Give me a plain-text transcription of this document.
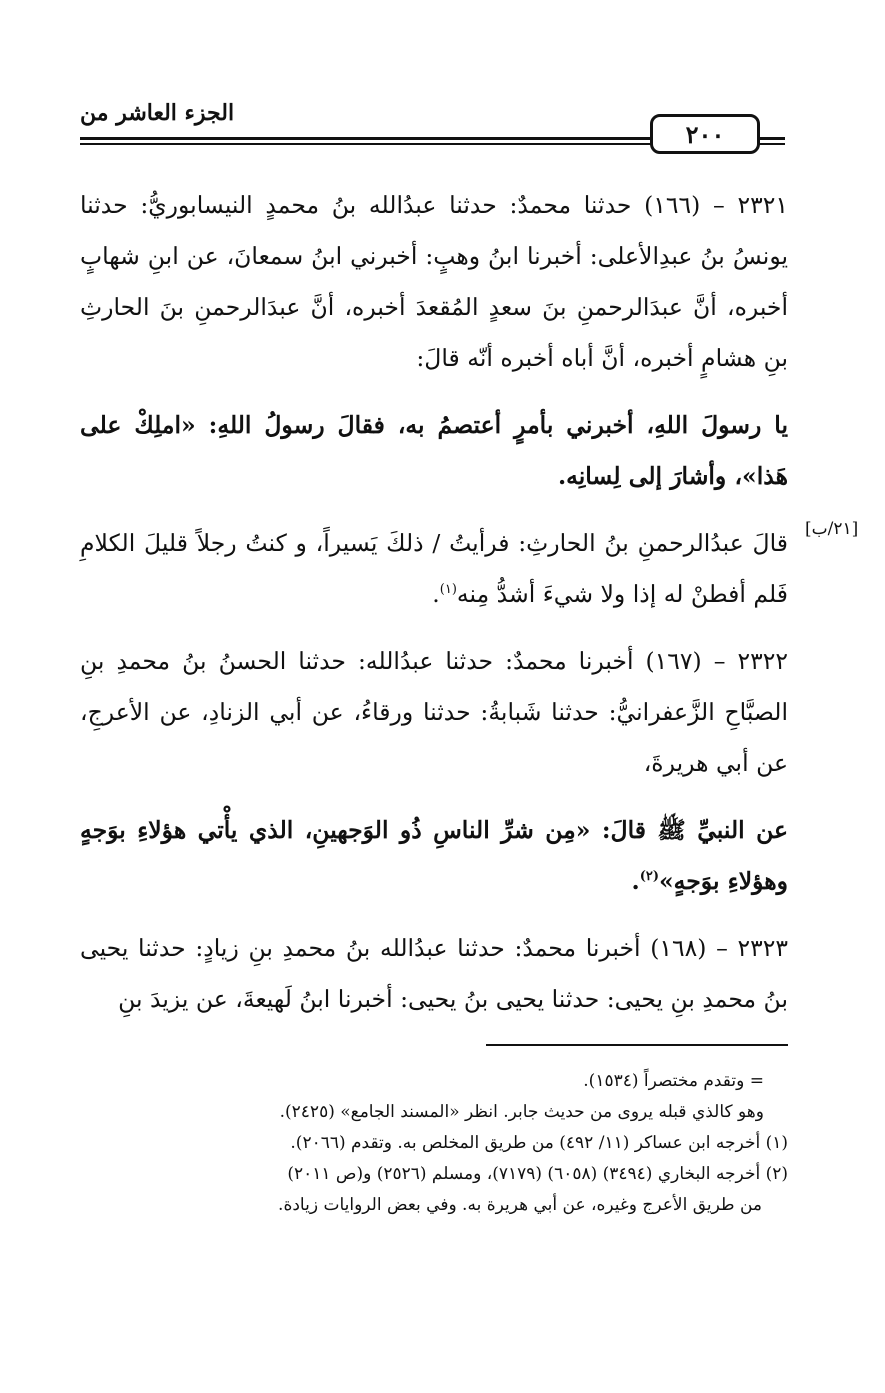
الجزء العاشر من
٢٠٠
[٢١/ب]

٢٣٢١ – (١٦٦) حدثنا محمدٌ: حدثنا عبدُالله بنُ محمدٍ النيسابوريُّ: حدثنا يونسُ بنُ عبدِالأعلى: أخبرنا ابنُ وهبٍ: أخبرني ابنُ سمعانَ، عن ابنِ شهابٍ أخبره، أنَّ عبدَالرحمنِ بنَ سعدٍ المُقعدَ أخبره، أنَّ عبدَالرحمنِ بنَ الحارثِ بنِ هشامٍ أخبره، أنَّ أباه أخبره أنّه قالَ:

يا رسولَ اللهِ، أخبرني بأمرٍ أعتصمُ به، فقالَ رسولُ اللهِ: «املِكْ على هَذا»، وأشارَ إلى لِسانِه.

قالَ عبدُالرحمنِ بنُ الحارثِ: فرأيتُ / ذلكَ يَسيراً، و كنتُ رجلاً قليلَ الكلامِ فَلم أفطنْ له إذا ولا شيءَ أشدُّ مِنه$^{(١)}$.

٢٣٢٢ – (١٦٧) أخبرنا محمدٌ: حدثنا عبدُالله: حدثنا الحسنُ بنُ محمدِ بنِ الصبَّاحِ الزَّعفرانيُّ: حدثنا شَبابةُ: حدثنا ورقاءُ، عن أبي الزنادِ، عن الأعرجِ، عن أبي هريرةَ،

عن النبيِّ ﷺ قالَ: «مِن شرِّ الناسِ ذُو الوَجهينِ، الذي يأْتي هؤلاءِ بوَجهٍ وهؤلاءِ بوَجهٍ»$^{(٢)}$.

٢٣٢٣ – (١٦٨) أخبرنا محمدٌ: حدثنا عبدُالله بنُ محمدِ بنِ زيادٍ: حدثنا يحيى بنُ محمدِ بنِ يحيى: حدثنا يحيى بنُ يحيى: أخبرنا ابنُ لَهيعةَ، عن يزيدَ بنِ

= وتقدم مختصراً (١٥٣٤).

وهو كالذي قبله يروى من حديث جابر. انظر «المسند الجامع» (٢٤٢٥).

(١) أخرجه ابن عساكر (١١/ ٤٩٢) من طريق المخلص به. وتقدم (٢٠٦٦).

(٢) أخرجه البخاري (٣٤٩٤) (٦٠٥٨) (٧١٧٩)، ومسلم (٢٥٢٦) و(ص ٢٠١١)

من طريق الأعرج وغيره، عن أبي هريرة به. وفي بعض الروايات زيادة.
